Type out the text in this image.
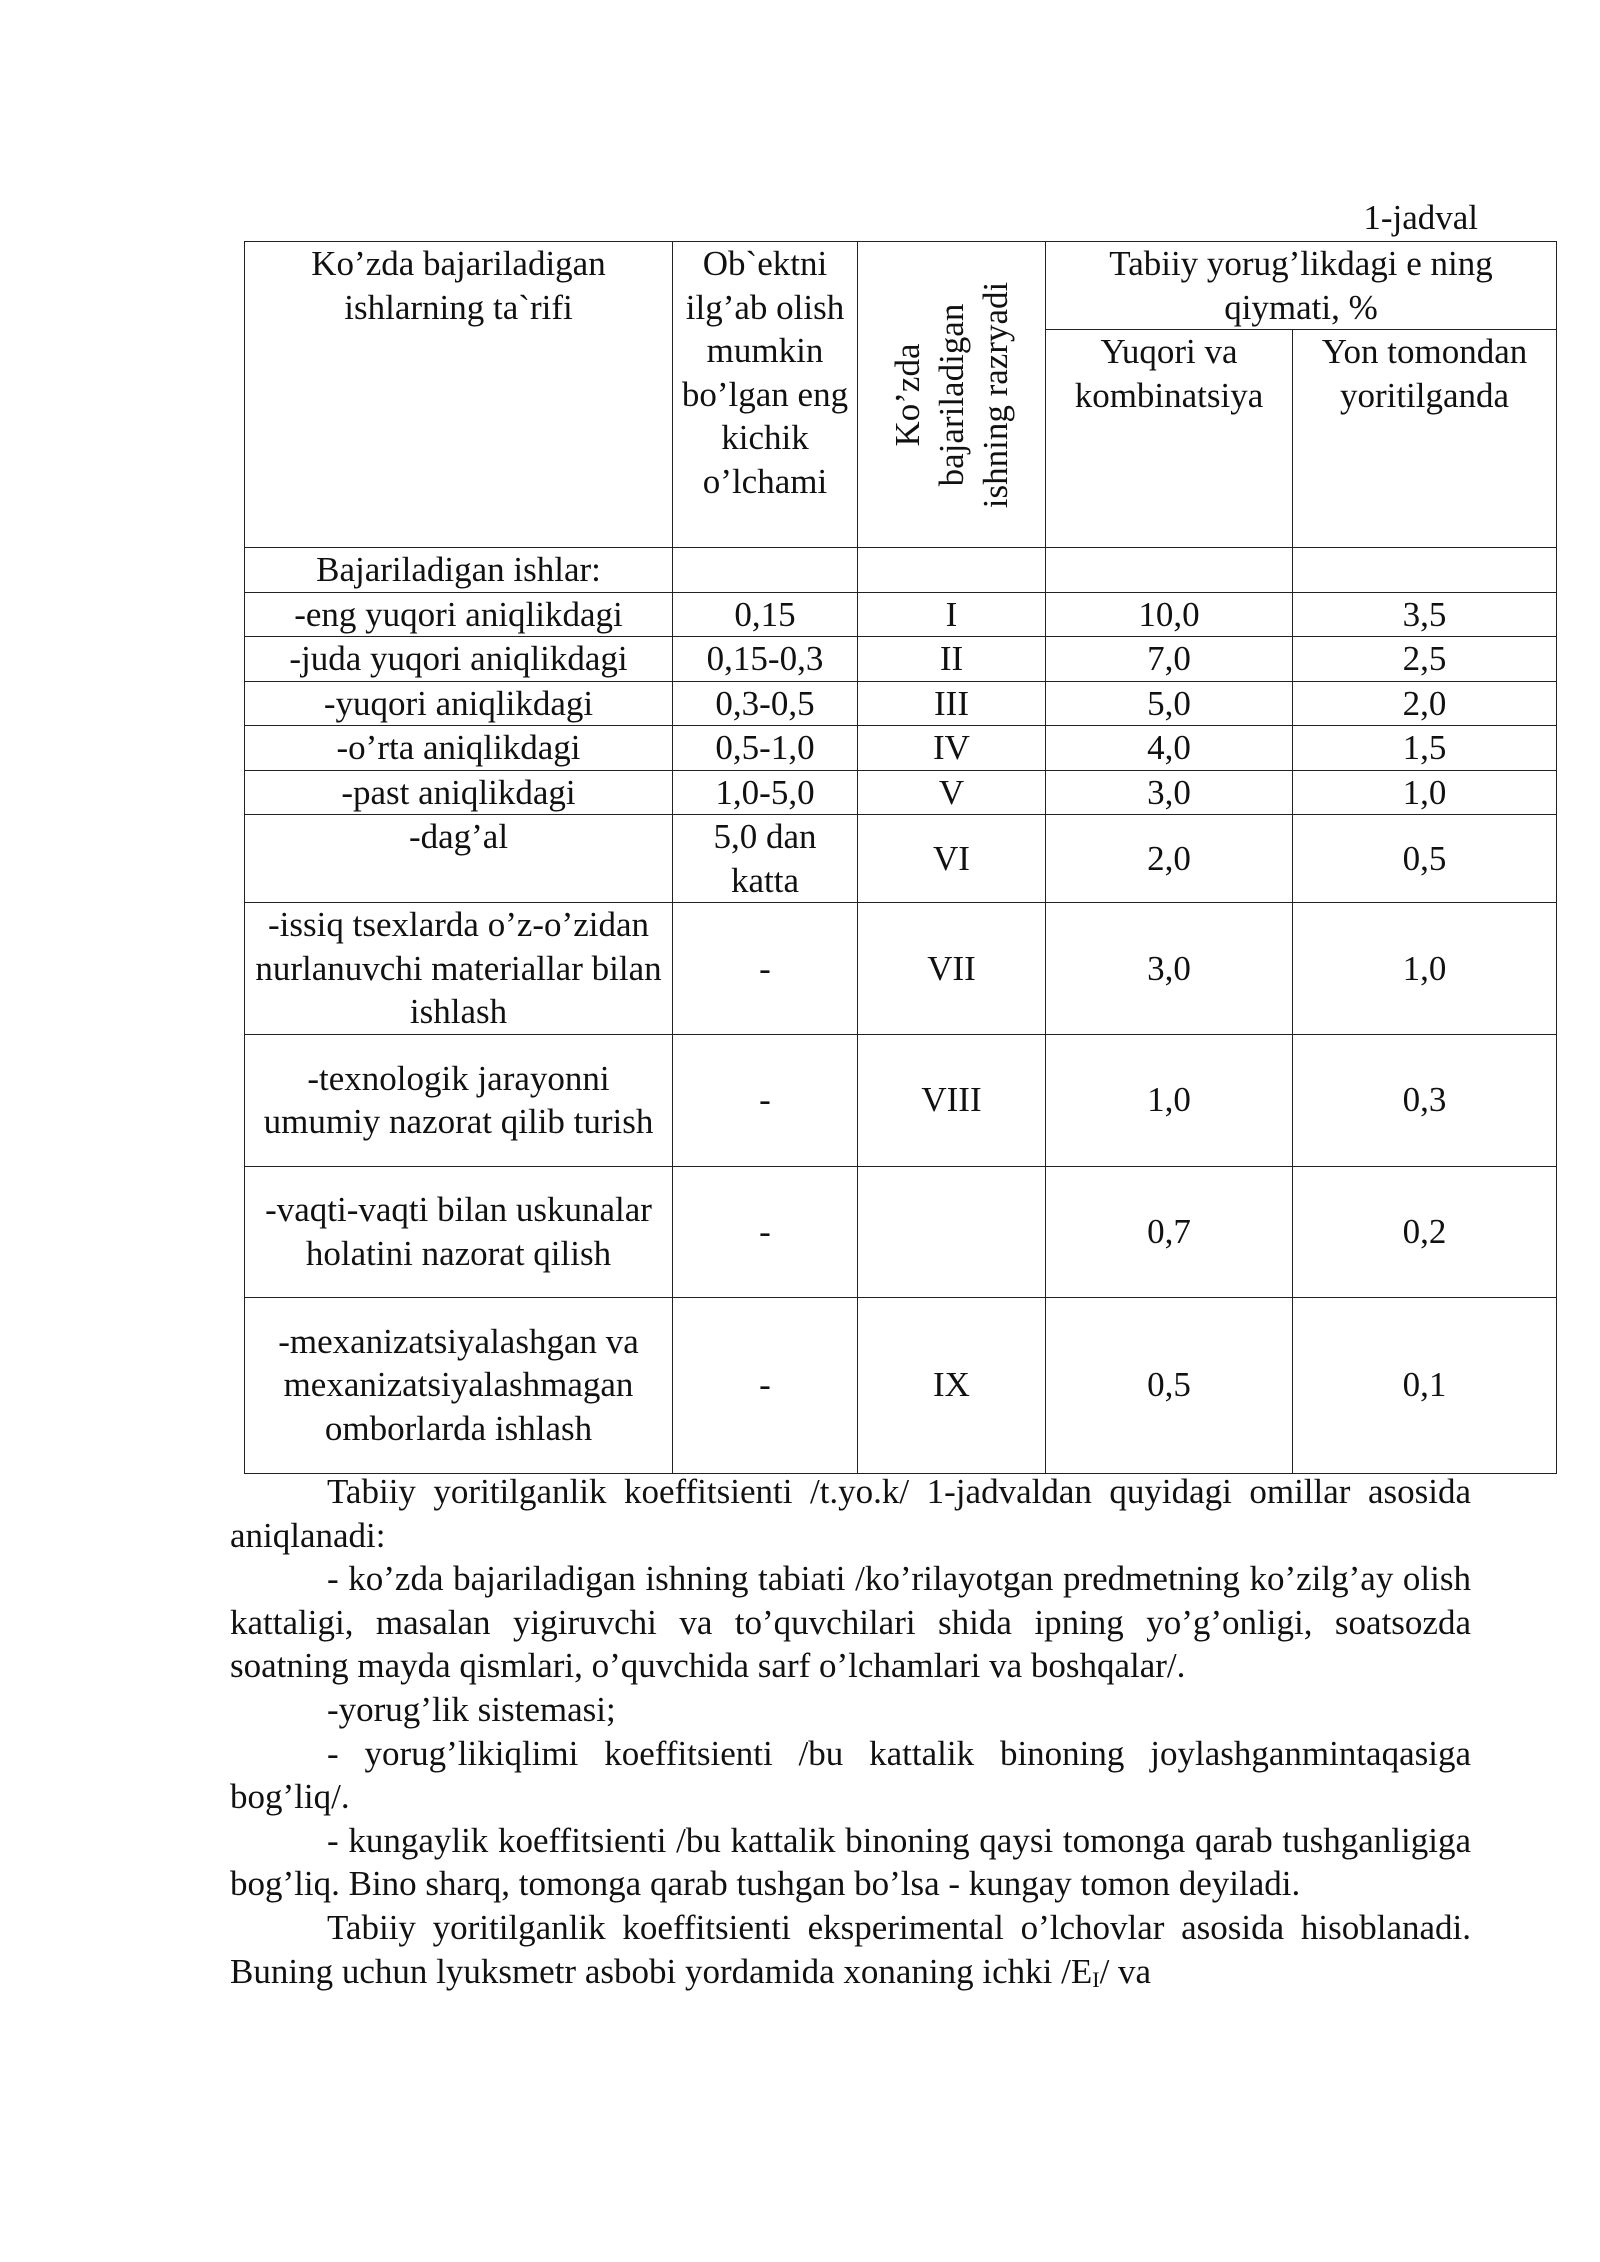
1-jadval
Ko’zda bajariladigan ishlarning ta`rifi	Ob`ektni ilg’ab olish mumkin bo’lgan eng kichik o’lchami	Ko’zda bajariladigan ishning razryadi	Tabiiy yorug’likdagi e ning qiymati, %	
			Yuqori va kombinatsiya	Yon tomondan yoritilganda
Bajariladigan ishlar:				
-eng yuqori aniqlikdagi	0,15	I	10,0	3,5
-juda yuqori aniqlikdagi	0,15-0,3	II	7,0	2,5
-yuqori aniqlikdagi	0,3-0,5	III	5,0	2,0
-o’rta aniqlikdagi	0,5-1,0	IV	4,0	1,5
-past aniqlikdagi	1,0-5,0	V	3,0	1,0
-dag’al	5,0 dan katta	VI	2,0	0,5
-issiq tsexlarda o’z-o’zidan nurlanuvchi materiallar bilan ishlash	-	VII	3,0	1,0
-texnologik jarayonni umumiy nazorat qilib turish	-	VIII	1,0	0,3
-vaqti-vaqti bilan uskunalar holatini nazorat qilish	-		0,7	0,2
-mexanizatsiyalashgan va mexanizatsiyalashmagan omborlarda ishlash	-	IX	0,5	0,1

Tabiiy yoritilganlik koeffitsienti /t.yo.k/ 1-jadvaldan quyidagi omillar asosida aniqlanadi:

- ko’zda bajariladigan ishning tabiati /ko’rilayotgan predmetning ko’zilg’ay olish kattaligi, masalan yigiruvchi va to’quvchilari shida ipning yo’g’onligi, soatsozda soatning mayda qismlari, o’quvchida sarf o’lchamlari va boshqalar/.

-yorug’lik sistemasi;

- yorug’likiqlimi koeffitsienti /bu kattalik binoning joylashganmintaqasiga bog’liq/.

- kungaylik koeffitsienti /bu kattalik binoning qaysi tomonga qarab tushganligiga bog’liq. Bino sharq, tomonga qarab tushgan bo’lsa - kungay tomon deyiladi.

Tabiiy yoritilganlik koeffitsienti eksperimental o’lchovlar asosida hisoblanadi. Buning uchun lyuksmetr asbobi yordamida xonaning ichki $/E_I/$ va
